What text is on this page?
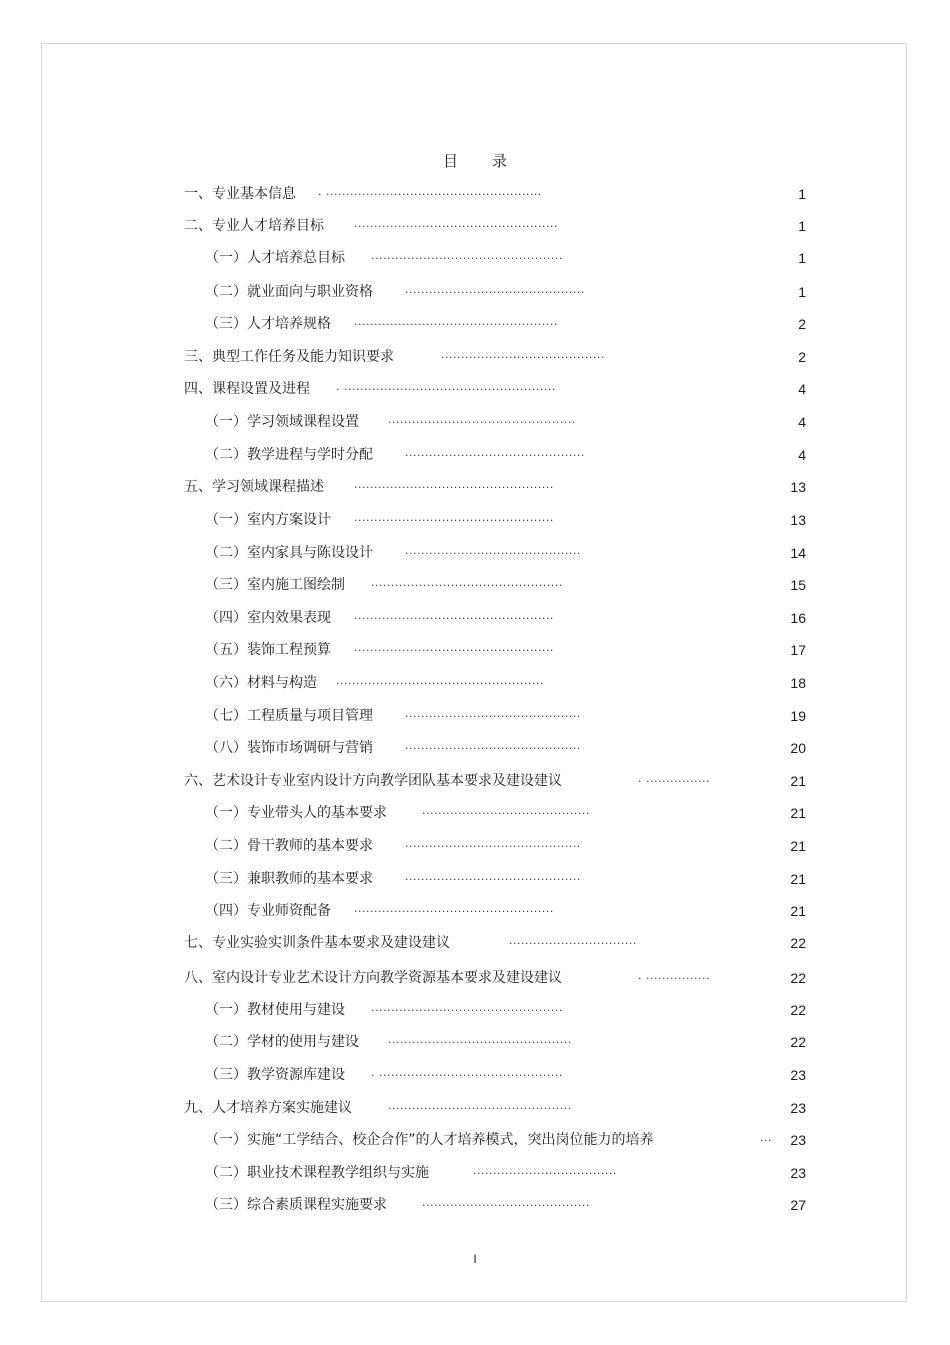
目 录
一、专业基本信息 . ......................................................	1
二、专业人才培养目标	...................................................	1
（一）人才培养总目标 ................................................	1
（二）就业面向与职业资格	.............................................	1
（三）人才培养规格 ...................................................	2
三、典型工作任务及能力知识要求	.........................................	2
四、课程设置及进程 . .....................................................	4
（一）学习领域课程设置	...............................................	4
（二）教学进程与学时分配	.............................................	4
五、学习领域课程描述	..................................................	13
（一）室内方案设计 ..................................................	13
（二）室内家具与陈设设计	............................................	14
（三）室内施工图绘制 ................................................	15
（四）室内效果表现 ..................................................	16
（五）装饰工程预算 ..................................................	17
（六）材料与构造 ....................................................	18
（七）工程质量与项目管理	............................................	19
（八）装饰市场调研与营销	............................................	20
六、艺术设计专业室内设计方向教学团队基本要求及建设建议	. ................	21
（一）专业带头人的基本要求	..........................................	21
（二）骨干教师的基本要求	............................................	21
（三）兼职教师的基本要求	............................................	21
（四）专业师资配备 ..................................................	21
七、专业实验实训条件基本要求及建设建议	................................	22
八、室内设计专业艺术设计方向教学资源基本要求及建设建议	. ................	22
（一）教材使用与建设 ................................................	22
（二）学材的使用与建设	..............................................	22
（三）教学资源库建设 . ..............................................	23
九、人才培养方案实施建议	..............................................	23
（一）实施“工学结合、校企合作”的人才培养模式，突出岗位能力的培养	...	23
（二）职业技术课程教学组织与实施	....................................	23
（三）综合素质课程实施要求	..........................................	27
I
